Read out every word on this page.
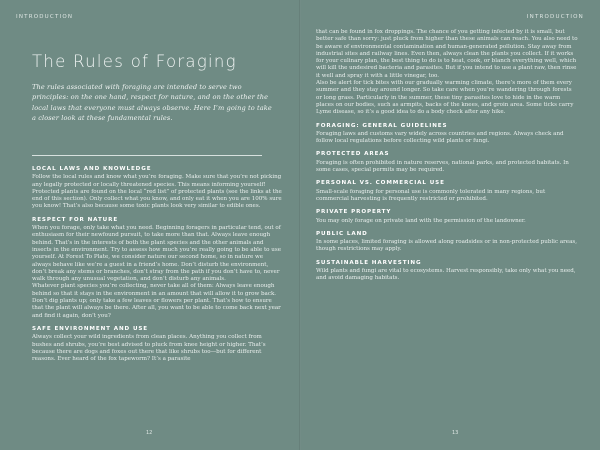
INTRODUCTION
The Rules of Foraging
The rules associated with foraging are intended to serve two principles: on the one hand, respect for nature, and on the other the local laws that everyone must always observe. Here I’m going to take a closer look at these fundamental rules.
LOCAL LAWS AND KNOWLEDGE

Follow the local rules and know what you’re foraging. Make sure that you’re not picking any legally protected or locally threatened species. This means informing yourself! Protected plants are found on the local “red list” of protected plants (see the links at the end of this section). Only collect what you know, and only eat it when you are 100% sure you know! That’s also because some toxic plants look very similar to edible ones.

RESPECT FOR NATURE

When you forage, only take what you need. Beginning foragers in particular tend, out of enthusiasm for their newfound pursuit, to take more than that. Always leave enough behind. That’s in the interests of both the plant species and the other animals and insects in the environment. Try to assess how much you’re really going to be able to use yourself. At Forest To Plate, we consider nature our second home, so in nature we always behave like we’re a guest in a friend’s home. Don’t disturb the environment, don’t break any stems or branches, don’t stray from the path if you don’t have to, never walk through any unusual vegetation, and don’t disturb any animals.

Whatever plant species you’re collecting, never take all of them: Always leave enough behind so that it stays in the environment in an amount that will allow it to grow back. Don’t dig plants up; only take a few leaves or flowers per plant. That’s how to ensure that the plant will always be there. After all, you want to be able to come back next year and find it again, don’t you?

SAFE ENVIRONMENT AND USE

Always collect your wild ingredients from clean places. Anything you collect from bushes and shrubs, you’re best advised to pluck from knee height or higher. That’s because there are dogs and foxes out there that like shrubs too—but for different reasons. Ever heard of the fox tapeworm? It’s a parasite

12
INTRODUCTION

that can be found in fox droppings. The chance of you getting infected by it is small, but better safe than sorry: just pluck from higher than these animals can reach. You also need to be aware of environmental contamination and human-generated pollution. Stay away from industrial sites and railway lines. Even then, always clean the plants you collect. If it works for your culinary plan, the best thing to do is to heat, cook, or blanch everything well, which will kill the undesired bacteria and parasites. But if you intend to use a plant raw, then rinse it well and spray it with a little vinegar, too.

Also be alert for tick bites with our gradually warming climate, there’s more of them every summer and they stay around longer. So take care when you’re wandering through forests or long grass. Particularly in the summer, these tiny parasites love to hide in the warm places on our bodies, such as armpits, backs of the knees, and groin area. Some ticks carry Lyme disease, so it’s a good idea to do a body check after any hike.

FORAGING: GENERAL GUIDELINES

Foraging laws and customs vary widely across countries and regions. Always check and follow local regulations before collecting wild plants or fungi.

PROTECTED AREAS

Foraging is often prohibited in nature reserves, national parks, and protected habitats. In some cases, special permits may be required.

PERSONAL VS. COMMERCIAL USE

Small-scale foraging for personal use is commonly tolerated in many regions, but commercial harvesting is frequently restricted or prohibited.

PRIVATE PROPERTY

You may only forage on private land with the permission of the landowner.

PUBLIC LAND

In some places, limited foraging is allowed along roadsides or in non-protected public areas, though restrictions may apply.

SUSTAINABLE HARVESTING

Wild plants and fungi are vital to ecosystems. Harvest responsibly, take only what you need, and avoid damaging habitats.

13
